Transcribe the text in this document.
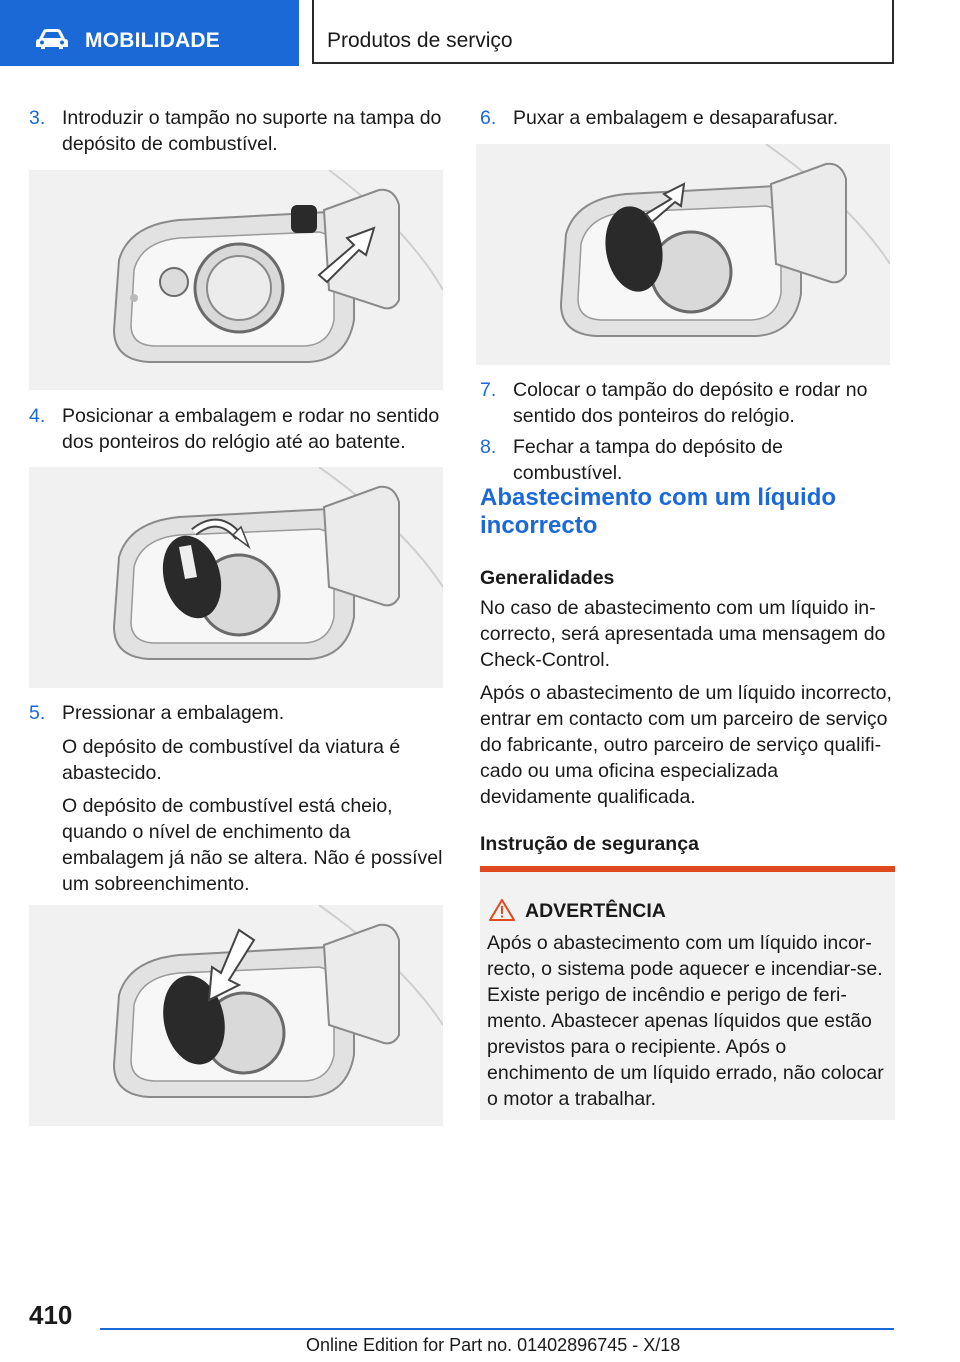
MOBILIDADE	Produtos de serviço
3. Introduzir o tampão no suporte na tampa do depósito de combustível.
4. Posicionar a embalagem e rodar no sentido dos ponteiros do relógio até ao batente.
5. Pressionar a embalagem.
O depósito de combustível da viatura é abastecido.
O depósito de combustível está cheio, quando o nível de enchimento da embalagem já não se altera. Não é possível um sobreenchimento.
6. Puxar a embalagem e desaparafusar.
7. Colocar o tampão do depósito e rodar no sentido dos ponteiros do relógio.
8. Fechar a tampa do depósito de combustível.
Abastecimento com um líquido incorrecto
Generalidades
No caso de abastecimento com um líquido incorrecto, será apresentada uma mensagem do Check-Control.
Após o abastecimento de um líquido incorrecto, entrar em contacto com um parceiro de serviço do fabricante, outro parceiro de serviço qualificado ou uma oficina especializada devidamente qualificada.
Instrução de segurança
ADVERTÊNCIA
Após o abastecimento com um líquido incorrecto, o sistema pode aquecer e incendiar-se. Existe perigo de incêndio e perigo de ferimento. Abastecer apenas líquidos que estão previstos para o recipiente. Após o enchimento de um líquido errado, não colocar o motor a trabalhar.
410
Online Edition for Part no. 01402896745 - X/18
